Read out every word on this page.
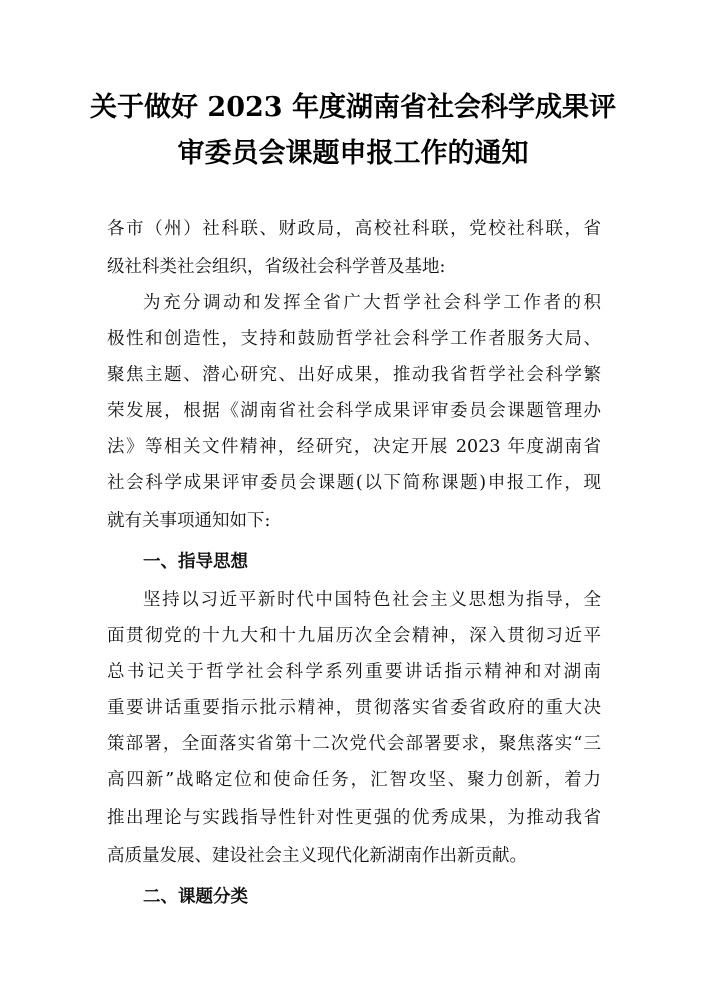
关于做好 2023 年度湖南省社会科学成果评
审委员会课题申报工作的通知
各市（州）社科联、财政局，高校社科联，党校社科联，省
级社科类社会组织，省级社会科学普及基地:
为充分调动和发挥全省广大哲学社会科学工作者的积
极性和创造性，支持和鼓励哲学社会科学工作者服务大局、
聚焦主题、潜心研究、出好成果，推动我省哲学社会科学繁
荣发展，根据《湖南省社会科学成果评审委员会课题管理办
法》等相关文件精神，经研究，决定开展 2023 年度湖南省
社会科学成果评审委员会课题(以下简称课题)申报工作，现
就有关事项通知如下:
一、指导思想
坚持以习近平新时代中国特色社会主义思想为指导，全
面贯彻党的十九大和十九届历次全会精神，深入贯彻习近平
总书记关于哲学社会科学系列重要讲话指示精神和对湖南
重要讲话重要指示批示精神，贯彻落实省委省政府的重大决
策部署，全面落实省第十二次党代会部署要求，聚焦落实“三
高四新”战略定位和使命任务，汇智攻坚、聚力创新，着力
推出理论与实践指导性针对性更强的优秀成果，为推动我省
高质量发展、建设社会主义现代化新湖南作出新贡献。
二、课题分类
